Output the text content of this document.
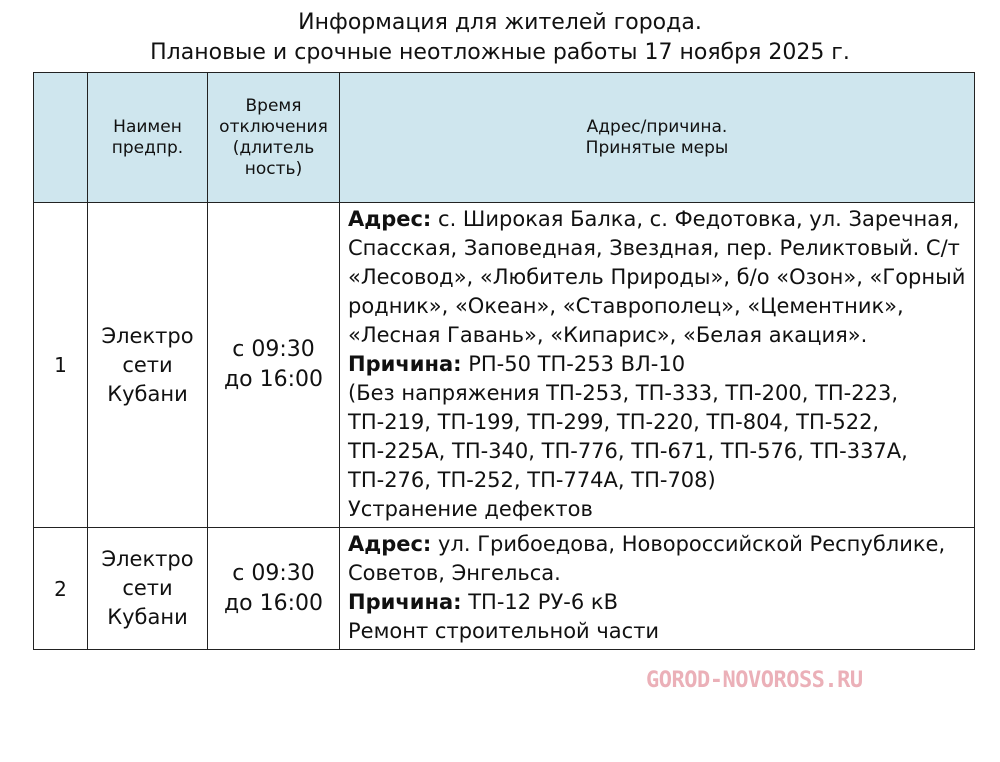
Информация для жителей города.
Плановые и срочные неотложные работы 17 ноября 2025 г.
	Наимен предпр.	Время отключения (длитель ность)	Адрес/причина. Принятые меры

1	Электро сети Кубани	с 09:30 до 16:00	Адрес: с. Широкая Балка, с. Федотовка, ул. Заречная, Спасская, Заповедная, Звездная, пер. Реликтовый. С/т «Лесовод», «Любитель Природы», б/о «Озон», «Горный родник», «Океан», «Ставрополец», «Цементник», «Лесная Гавань», «Кипарис», «Белая акация».
Причина: РП-50 ТП-253 ВЛ-10
(Без напряжения ТП-253, ТП-333, ТП-200, ТП-223, ТП-219, ТП-199, ТП-299, ТП-220, ТП-804, ТП-522, ТП-225А, ТП-340, ТП-776, ТП-671, ТП-576, ТП-337А, ТП-276, ТП-252, ТП-774А, ТП-708)
Устранение дефектов
2	Электро сети Кубани	с 09:30 до 16:00	Адрес: ул. Грибоедова, Новороссийской Республике, Советов, Энгельса.
Причина: ТП-12 РУ-6 кВ
Ремонт строительной части
GOROD-NOVOROSS.RU
